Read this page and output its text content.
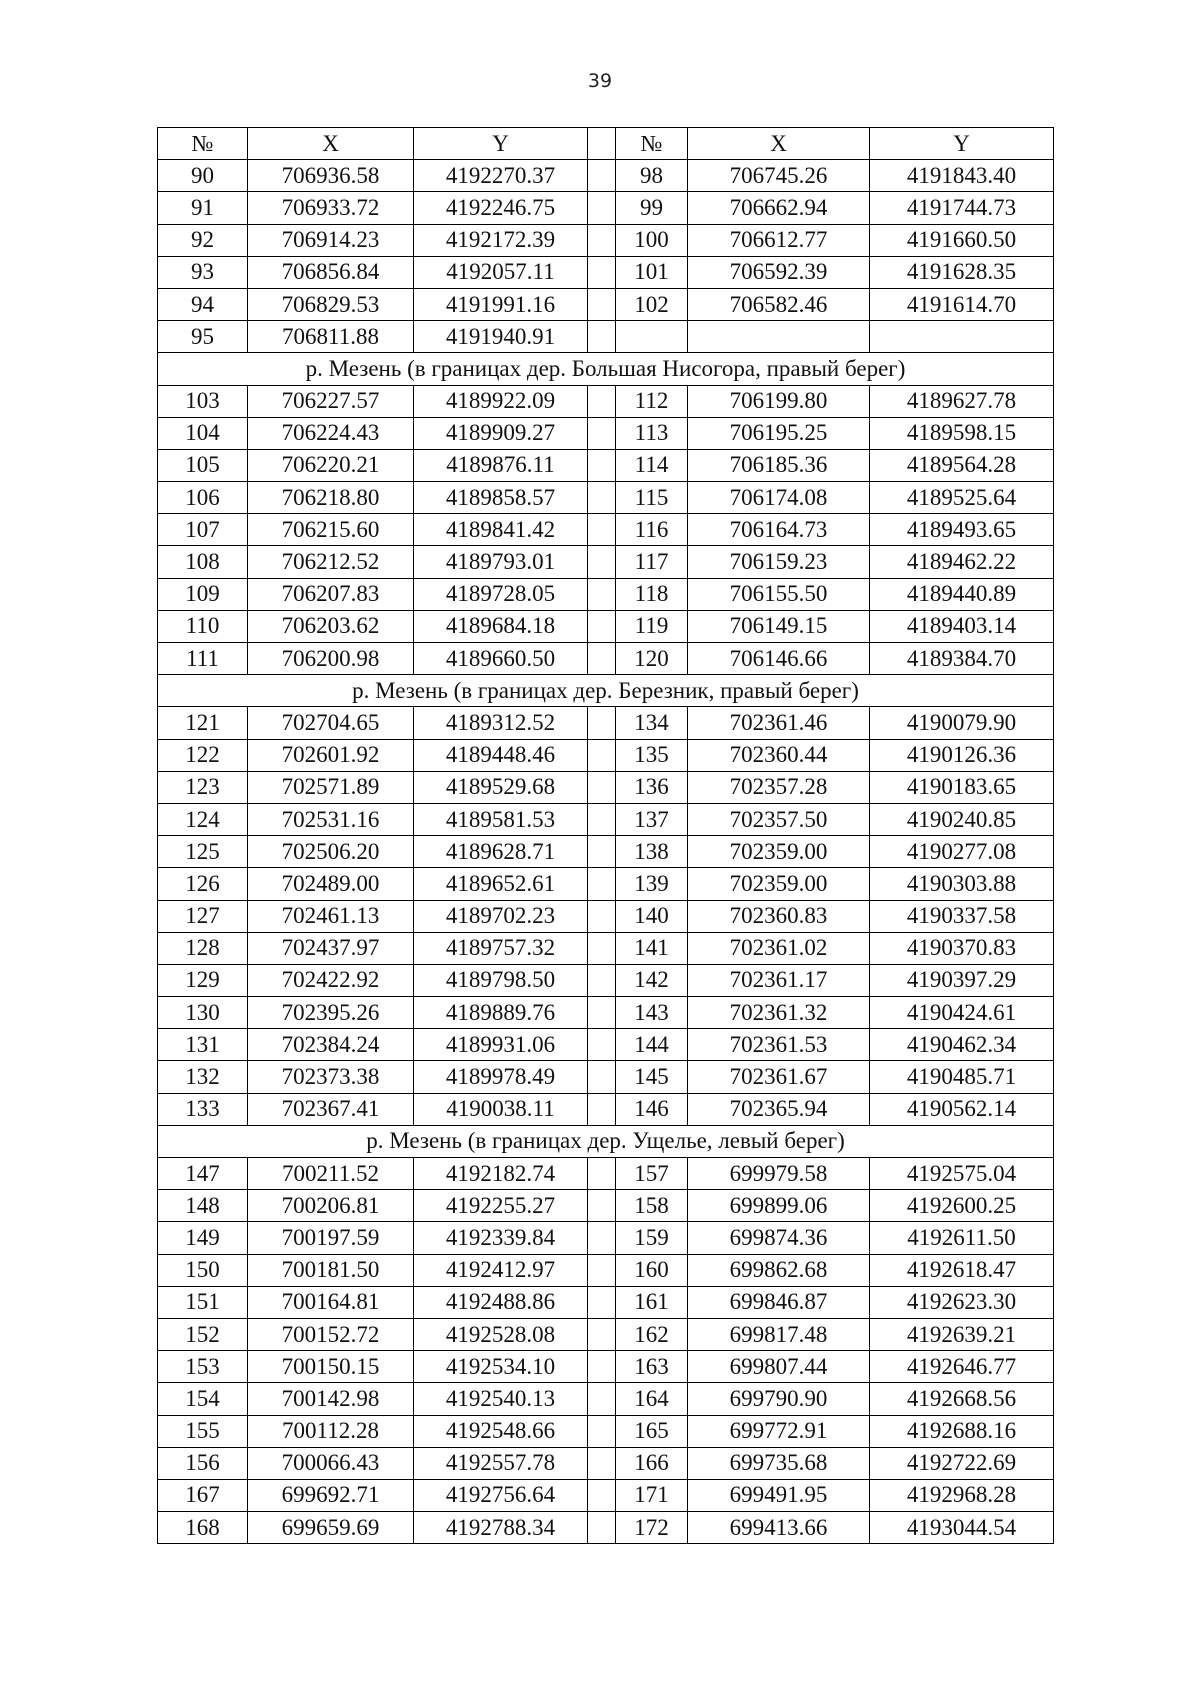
39
№	X	Y		№	X	Y
90	706936.58	4192270.37		98	706745.26	4191843.40
91	706933.72	4192246.75		99	706662.94	4191744.73
92	706914.23	4192172.39		100	706612.77	4191660.50
93	706856.84	4192057.11		101	706592.39	4191628.35
94	706829.53	4191991.16		102	706582.46	4191614.70
95	706811.88	4191940.91				
р. Мезень (в границах дер. Большая Нисогора, правый берег)						
103	706227.57	4189922.09		112	706199.80	4189627.78
104	706224.43	4189909.27		113	706195.25	4189598.15
105	706220.21	4189876.11		114	706185.36	4189564.28
106	706218.80	4189858.57		115	706174.08	4189525.64
107	706215.60	4189841.42		116	706164.73	4189493.65
108	706212.52	4189793.01		117	706159.23	4189462.22
109	706207.83	4189728.05		118	706155.50	4189440.89
110	706203.62	4189684.18		119	706149.15	4189403.14
111	706200.98	4189660.50		120	706146.66	4189384.70
р. Мезень (в границах дер. Березник, правый берег)						
121	702704.65	4189312.52		134	702361.46	4190079.90
122	702601.92	4189448.46		135	702360.44	4190126.36
123	702571.89	4189529.68		136	702357.28	4190183.65
124	702531.16	4189581.53		137	702357.50	4190240.85
125	702506.20	4189628.71		138	702359.00	4190277.08
126	702489.00	4189652.61		139	702359.00	4190303.88
127	702461.13	4189702.23		140	702360.83	4190337.58
128	702437.97	4189757.32		141	702361.02	4190370.83
129	702422.92	4189798.50		142	702361.17	4190397.29
130	702395.26	4189889.76		143	702361.32	4190424.61
131	702384.24	4189931.06		144	702361.53	4190462.34
132	702373.38	4189978.49		145	702361.67	4190485.71
133	702367.41	4190038.11		146	702365.94	4190562.14
р. Мезень (в границах дер. Ущелье, левый берег)						
147	700211.52	4192182.74		157	699979.58	4192575.04
148	700206.81	4192255.27		158	699899.06	4192600.25
149	700197.59	4192339.84		159	699874.36	4192611.50
150	700181.50	4192412.97		160	699862.68	4192618.47
151	700164.81	4192488.86		161	699846.87	4192623.30
152	700152.72	4192528.08		162	699817.48	4192639.21
153	700150.15	4192534.10		163	699807.44	4192646.77
154	700142.98	4192540.13		164	699790.90	4192668.56
155	700112.28	4192548.66		165	699772.91	4192688.16
156	700066.43	4192557.78		166	699735.68	4192722.69
167	699692.71	4192756.64		171	699491.95	4192968.28
168	699659.69	4192788.34		172	699413.66	4193044.54
